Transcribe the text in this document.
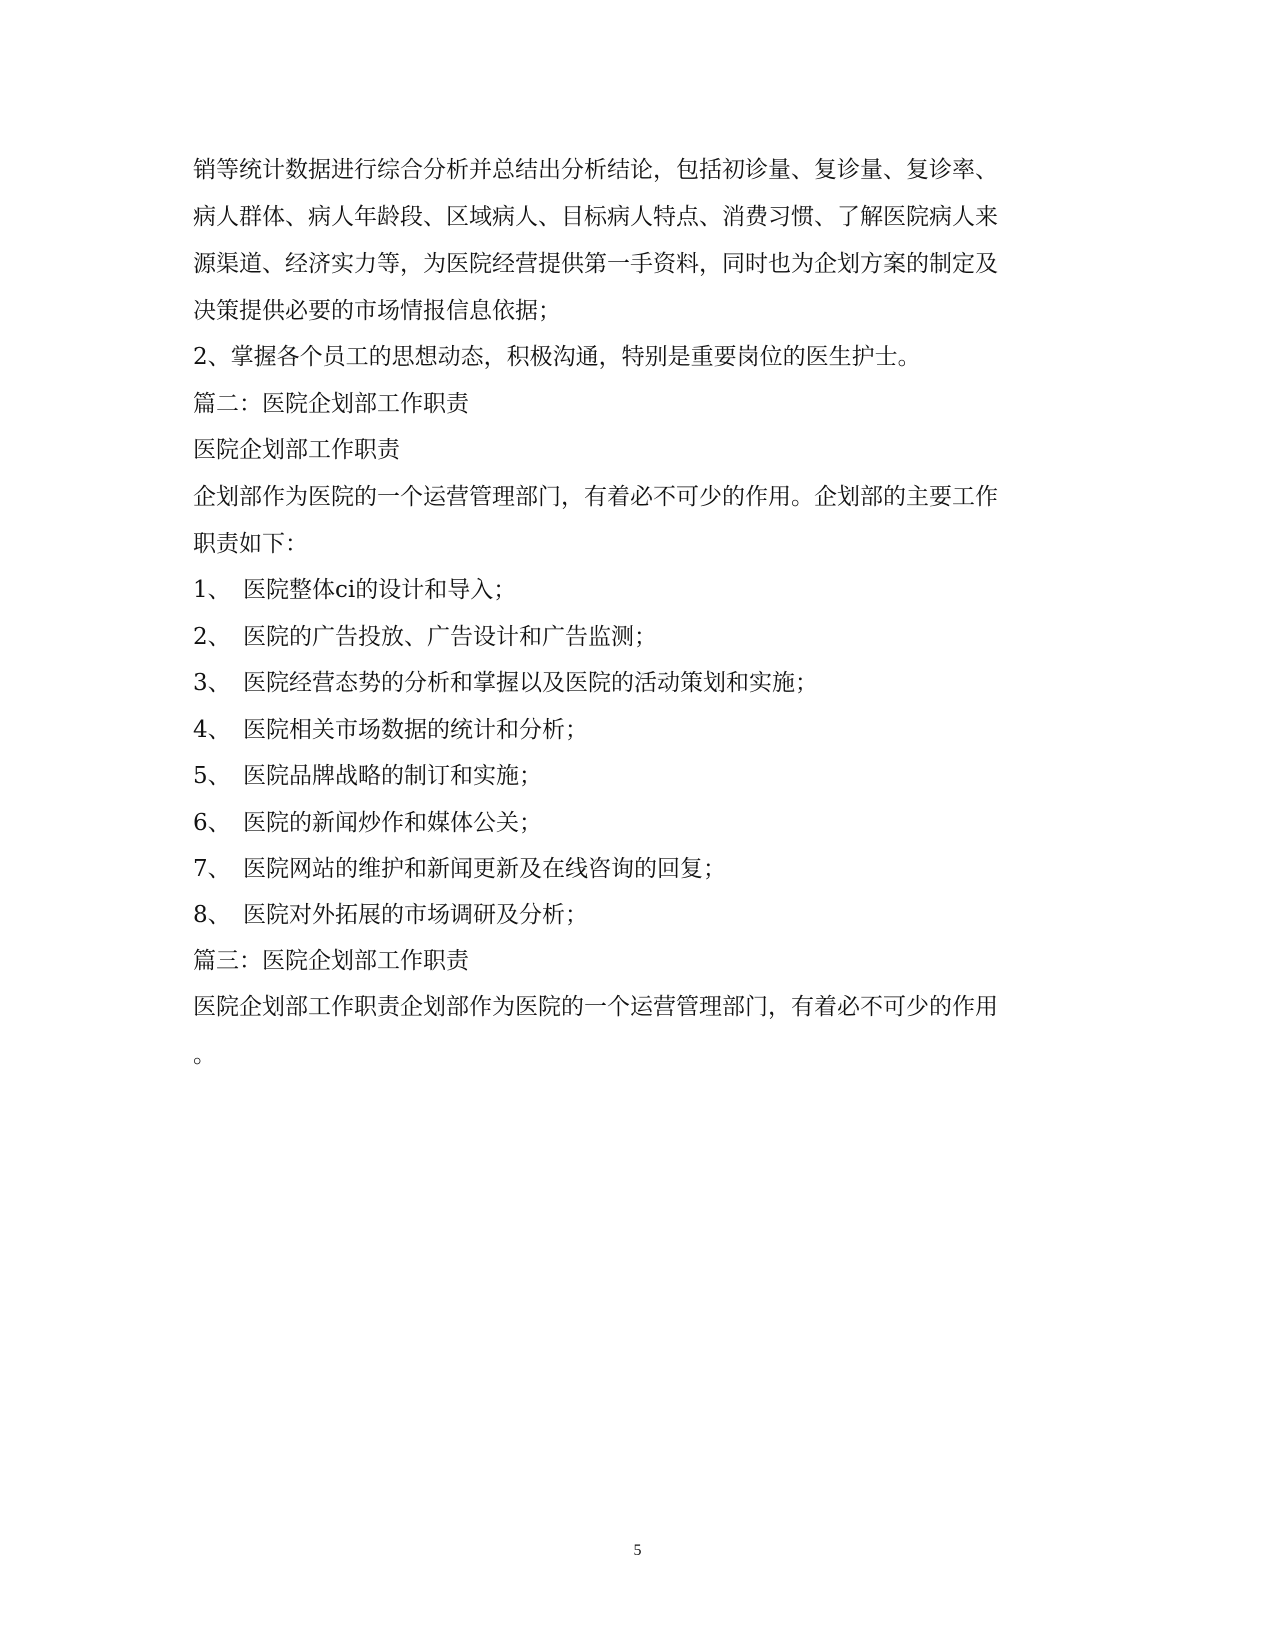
销等统计数据进行综合分析并总结出分析结论，包括初诊量、复诊量、复诊率、
病人群体、病人年龄段、区域病人、目标病人特点、消费习惯、了解医院病人来
源渠道、经济实力等，为医院经营提供第一手资料，同时也为企划方案的制定及
决策提供必要的市场情报信息依据；
2、掌握各个员工的思想动态，积极沟通，特别是重要岗位的医生护士。
篇二：医院企划部工作职责
医院企划部工作职责
企划部作为医院的一个运营管理部门，有着必不可少的作用。企划部的主要工作
职责如下：
1、 医院整体ci的设计和导入；
2、 医院的广告投放、广告设计和广告监测；
3、 医院经营态势的分析和掌握以及医院的活动策划和实施；
4、 医院相关市场数据的统计和分析；
5、 医院品牌战略的制订和实施；
6、 医院的新闻炒作和媒体公关；
7、 医院网站的维护和新闻更新及在线咨询的回复；
8、 医院对外拓展的市场调研及分析；
篇三：医院企划部工作职责
医院企划部工作职责企划部作为医院的一个运营管理部门，有着必不可少的作用
。
5
